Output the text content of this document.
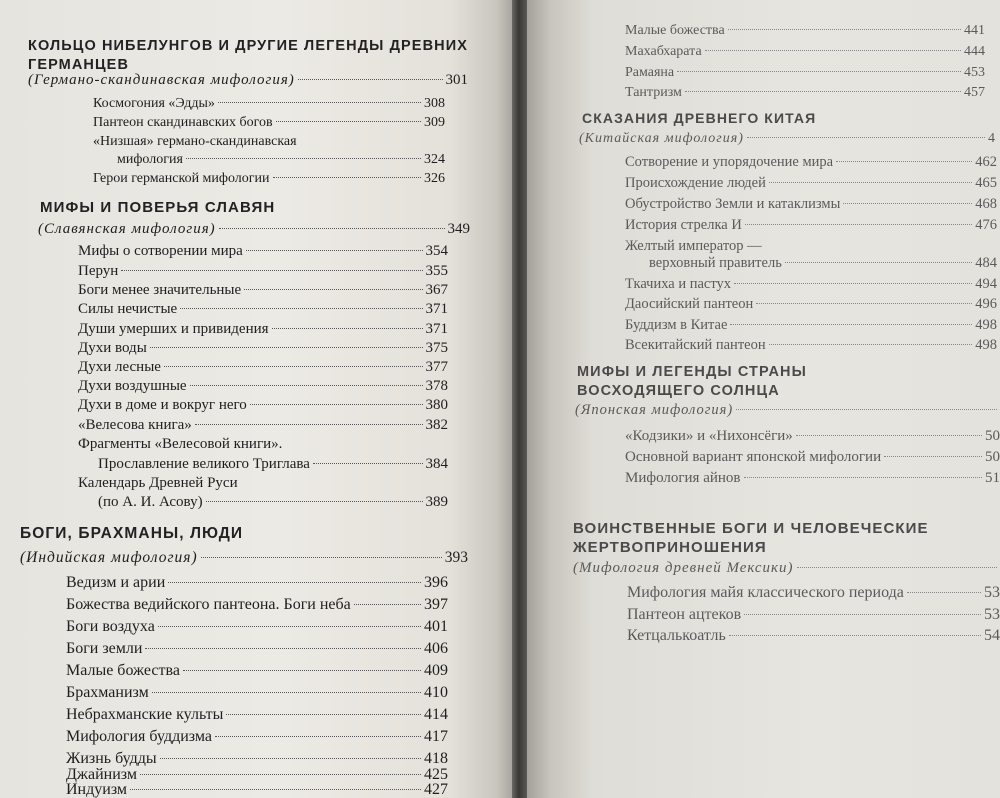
КОЛЬЦО НИБЕЛУНГОВ И ДРУГИЕ ЛЕГЕНДЫ ДРЕВНИХ ГЕРМАНЦЕВ

(Германо-скандинавская мифология)	301
Космогония «Эдды»	308
Пантеон скандинавских богов	309

«Низшая» германо-скандинавская

мифология	324
Герои германской мифологии	326

МИФЫ И ПОВЕРЬЯ СЛАВЯН

(Славянская мифология)	349
Мифы о сотворении мира	354
Перун	355
Боги менее значительные	367
Силы нечистые	371
Души умерших и привидения	371
Духи воды	375
Духи лесные	377
Духи воздушные	378
Духи в доме и вокруг него	380
«Велесова книга»	382

Фрагменты «Велесовой книги».

Прославление великого Триглава	384

Календарь Древней Руси

(по А. И. Асову)	389

БОГИ, БРАХМАНЫ, ЛЮДИ

(Индийская мифология)	393
Ведизм и арии	396
Божества ведийского пантеона. Боги неба	397
Боги воздуха	401
Боги земли	406
Малые божества	409
Брахманизм	410
Небрахманские культы	414
Мифология буддизма	417
Жизнь будды	418
Джайнизм	425
Индуизм	427
Малые божества	441
Махабхарата	444
Рамаяна	453
Тантризм	457

СКАЗАНИЯ ДРЕВНЕГО КИТАЯ

(Китайская мифология)	4
Сотворение и упорядочение мира	462
Происхождение людей	465
Обустройство Земли и катаклизмы	468
История стрелка И	476

Желтый император —

верховный правитель	484
Ткачиха и пастух	494
Даосийский пантеон	496
Буддизм в Китае	498
Всекитайский пантеон	498

МИФЫ И ЛЕГЕНДЫ СТРАНЫ ВОСХОДЯЩЕГО СОЛНЦА

(Японская мифология)
«Кодзики» и «Нихонсёги»	50
Основной вариант японской мифологии	50
Мифология айнов	51

ВОИНСТВЕННЫЕ БОГИ И ЧЕЛОВЕЧЕСКИЕ ЖЕРТВОПРИНОШЕНИЯ

(Мифология древней Мексики)
Мифология майя классического периода	53
Пантеон ацтеков	53
Кетцалькоатль	54
